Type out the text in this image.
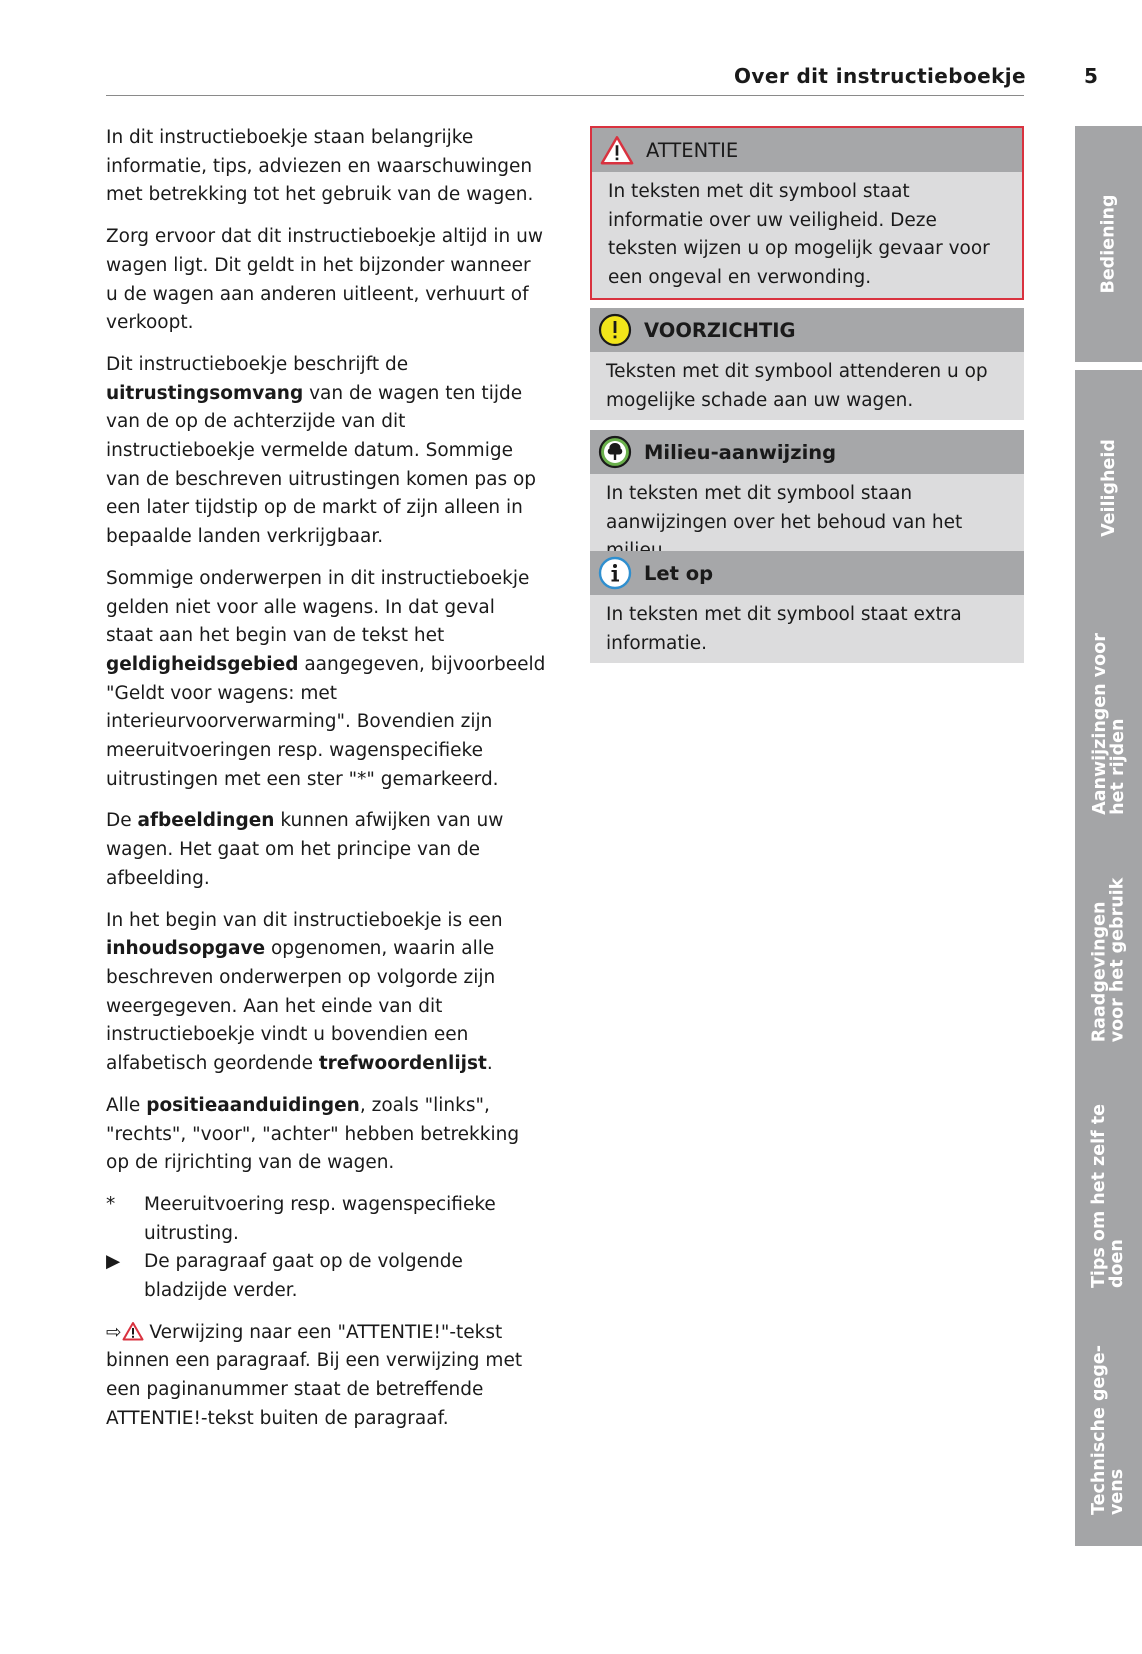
Over dit instructieboekje	5

In dit instructieboekje staan belangrijke informatie, tips, adviezen en waarschuwingen met betrekking tot het gebruik van de wagen.

Zorg ervoor dat dit instructieboekje altijd in uw wagen ligt. Dit geldt in het bijzonder wanneer u de wagen aan anderen uitleent, verhuurt of verkoopt.

Dit instructieboekje beschrijft de uitrustingsomvang van de wagen ten tijde van de op de achterzijde van dit instructieboekje vermelde datum. Sommige van de beschreven uitrustingen komen pas op een later tijdstip op de markt of zijn alleen in bepaalde landen verkrijgbaar.

Sommige onderwerpen in dit instructieboekje gelden niet voor alle wagens. In dat geval staat aan het begin van de tekst het geldigheidsgebied aangegeven, bijvoorbeeld "Geldt voor wagens: met interieurvoorverwarming". Bovendien zijn meeruitvoeringen resp. wagenspecifieke uitrustingen met een ster "*" gemarkeerd.

De afbeeldingen kunnen afwijken van uw wagen. Het gaat om het principe van de afbeelding.

In het begin van dit instructieboekje is een inhoudsopgave opgenomen, waarin alle beschreven onderwerpen op volgorde zijn weergegeven. Aan het einde van dit instructieboekje vindt u bovendien een alfabetisch geordende trefwoordenlijst.

Alle positieaanduidingen, zoals "links", "rechts", "voor", "achter" hebben betrekking op de rijrichting van de wagen.

*	Meeruitvoering resp. wagenspecifieke uitrusting.
▶	De paragraaf gaat op de volgende bladzijde verder.

⇨ Verwijzing naar een "ATTENTIE!"-tekst binnen een paragraaf. Bij een verwijzing met een paginanummer staat de betreffende ATTENTIE!-tekst buiten de paragraaf.

ATTENTIE
In teksten met dit symbool staat informatie over uw veiligheid. Deze teksten wijzen u op mogelijk gevaar voor een ongeval en verwonding.
VOORZICHTIG
Teksten met dit symbool attenderen u op mogelijke schade aan uw wagen.
Milieu-aanwijzing
In teksten met dit symbool staan aanwijzingen over het behoud van het
Let op
In teksten met dit symbool staat extra informatie.
Bediening
Veiligheid
Aanwijzingen voor
het rijden
Raadgevingen
voor het gebruik
Tips om het zelf te
doen
Technische gege-
vens
